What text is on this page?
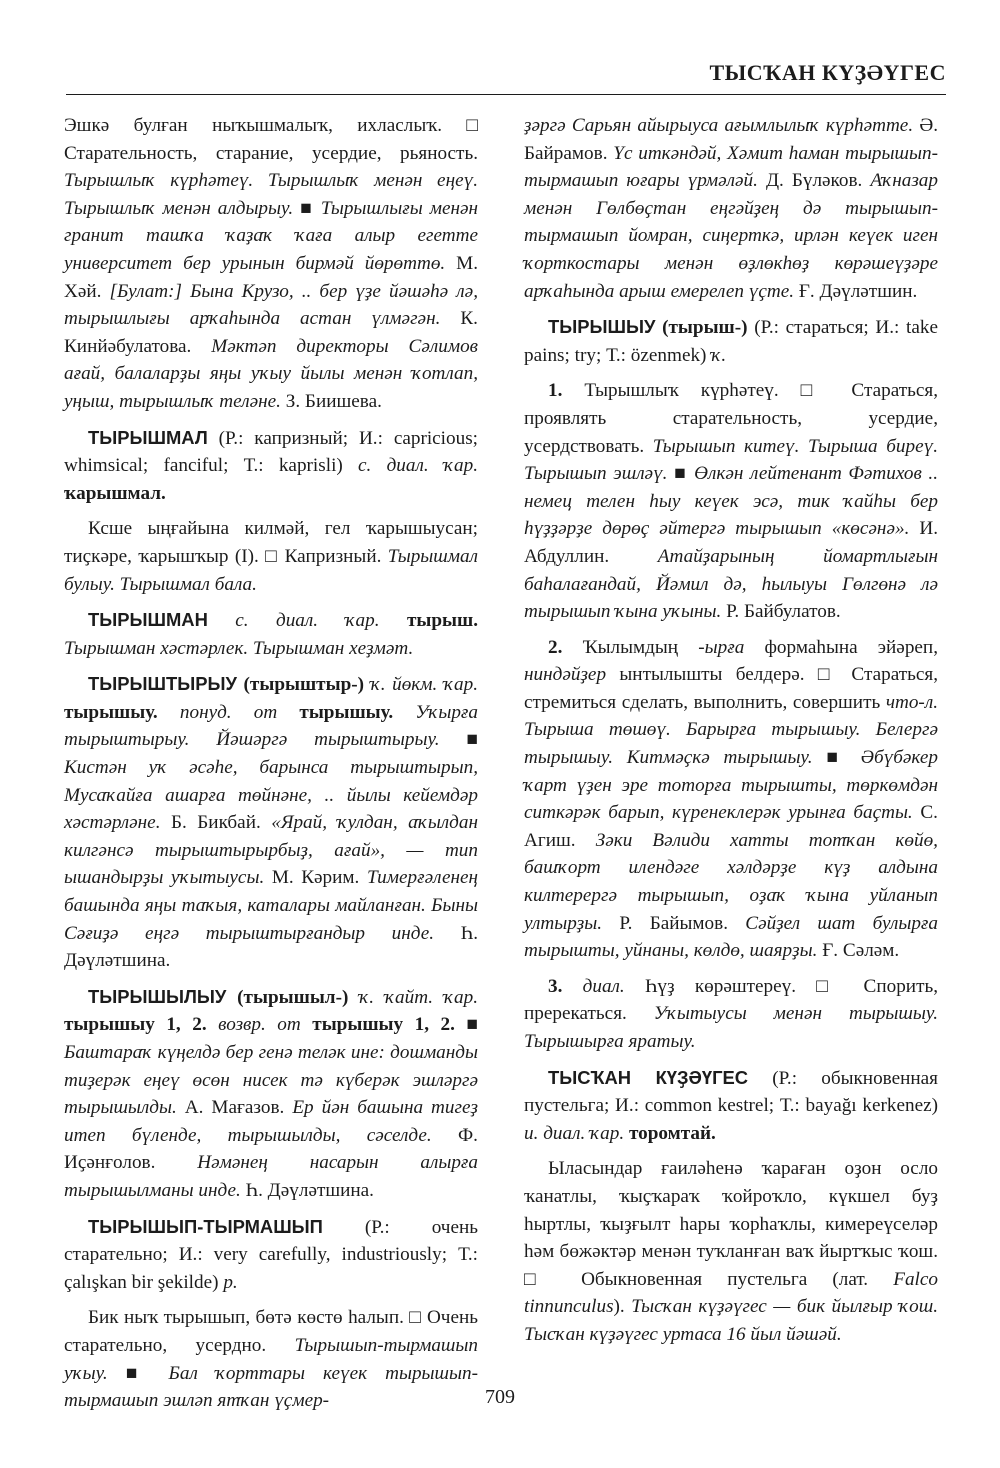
ТЫСҠАН КҮҘӘҮГЕС

Эшкә булған ныҡышмалыҡ, ихласлыҡ. □ Старательность, старание, усердие, рьяность. Тырышлыҡ күрһәтеү. Тырышлыҡ менән еңеү. Тырышлыҡ менән алдырыу. ■ Тырышлығы менән гранит ташҡа ҡаҙаҡ ҡаға алыр егетте университет бер урынын бирмәй йөрөттө. М. Хәй. [Булат:] Бына Крузо, .. бер үҙе йәшәһә лә, тырышлығы арҡаһында астан үлмәгән. К. Кинйәбулатова. Мәктәп директоры Сәлимов ағай, балаларҙы яңы уҡыу йылы менән ҡотлап, уңыш, тырышлыҡ теләне. З. Биишева.

ТЫРЫШМАЛ (Р.: капризный; И.: capricious; whimsical; fanciful; Т.: kaprisli) с. диал. ҡар. ҡарышмал.

Ксше ыңғайына килмәй, гел ҡарышыусан; тиҫкәре, ҡарышҡыр (I). □ Капризный. Тырышмал булыу. Тырышмал бала.

ТЫРЫШМАН с. диал. ҡар. тырыш. Тырышман хәстәрлек. Тырышман хеҙмәт.

ТЫРЫШТЫРЫУ (тырыштыр-) ҡ. йөкм. ҡар. тырышыу. понуд. от тырышыу. Уҡырға тырыштырыу. Йәшәргә тырыштырыу. ■ Кистән уҡ әсәһе, барынса тырыштырып, Мусаҡайға ашарға төйнәне, .. йылы кейемдәр хәстәрләне. Б. Бикбай. «Ярай, ҡулдан, аҡылдан килгәнсә тырыштырырбыҙ, ағай», — тип ышандырҙы уҡытыусы. М. Кәрим. Тимерғәленең башында яңы таҡыя, каталары майланған. Быны Сәғиҙә еңгә тырыштырғандыр инде. Һ. Дәүләтшина.

ТЫРЫШЫЛЫУ (тырышыл-) ҡ. ҡайт. ҡар. тырышыу 1, 2. возвр. от тырышыу 1, 2. ■ Баштараҡ күңелдә бер генә теләк ине: дошманды тиҙерәк еңеү өсөн нисек тә күберәк эшләргә тырышылды. А. Мағазов. Ер йән башына тигеҙ итеп бүленде, тырышылды, сәселде. Ф. Иҫәнғолов. Нәмәнең насарын алырға тырышылманы инде. Һ. Дәүләтшина.

ТЫРЫШЫП-ТЫРМАШЫП (Р.: очень старательно; И.: very carefully, industriously; Т.: çalışkan bir şekilde) р.

Бик ныҡ тырышып, бөтә көстө һалып. □ Очень старательно, усердно. Тырышып-тырмашып уҡыу. ■ Бал ҡорттары кеүек тырышып-тырмашып эшләп ятҡан үҫмер-

ҙәргә Сарьян айырыуса ағымлылыҡ күрһәтте. Ә. Байрамов. Үс иткәндәй, Хәмит һаман тырышып-тырмашып юғары үрмәләй. Д. Бүләков. Аҡназар менән Гөлбөҫтан еңгәйҙең дә тырышып-тырмашып йомран, сиңерткә, ирлән кеүек иген ҡорткостары менән өҙлөкһөҙ көрәшеүҙәре арҡаһында арыш емерелеп үҫте. Ғ. Дәүләтшин.

ТЫРЫШЫУ (тырыш-) (Р.: стараться; И.: take pains; try; Т.: özenmek) ҡ.

1. Тырышлыҡ күрһәтеү. □ Стараться, проявлять старательность, усердие, усердствовать. Тырышып китеү. Тырыша биреү. Тырышып эшләү. ■ Өлкән лейтенант Фәтихов .. немец телен һыу кеүек эсә, тик ҡайһы бер һүҙҙәрҙе дөрөҫ әйтергә тырышып «көсәнә». И. Абдуллин. Атайҙарының йомартлығын баһалағандай, Йәмил дә, һылыуы Гөлгөнә лә тырышып ҡына уҡыны. Р. Байбулатов.

2. Ҡылымдың -ырға формаһына эйәреп, ниндәйҙер ынтылышты белдерә. □ Стараться, стремиться сделать, выполнить, совершить что-л. Тырыша төшөү. Барырға тырышыу. Белергә тырышыу. Китмәҫкә тырышыу. ■ Әбүбәкер ҡарт үҙен эре тоторға тырышты, төркөмдән ситкәрәк барып, күренеклерәк урынға баҫты. С. Агиш. Зәки Вәлиди хатты тотҡан көйө, башҡорт илендәге хәлдәрҙе күҙ алдына килтерергә тырышып, оҙаҡ ҡына уйланып ултырҙы. Р. Байымов. Сәйҙел шат булырға тырышты, уйнаны, көлдө, шаярҙы. Ғ. Сәләм.

3. диал. Һүҙ көрәштереү. □ Спорить, пререкаться. Уҡытыусы менән тырышыу. Тырышырға яратыу.

ТЫСҠАН КҮҘӘҮГЕС (Р.: обыкновенная пустельга; И.: common kestrel; Т.: bayağı kerkenez) и. диал. ҡар. торомтай.

Ыласындар ғаиләһенә ҡараған оҙон осло ҡанатлы, ҡыҫҡараҡ ҡойроҡло, күкшел буҙ һыртлы, ҡыҙғылт һары ҡорһаҡлы, кимереүселәр һәм бөжәктәр менән туҡланған ваҡ йыртҡыс ҡош. □ Обыкновенная пустельга (лат. Falco tinnunculus). Тысҡан күҙәүгес — бик йылғыр ҡош. Тысҡан күҙәүгес уртаса 16 йыл йәшәй.

709
